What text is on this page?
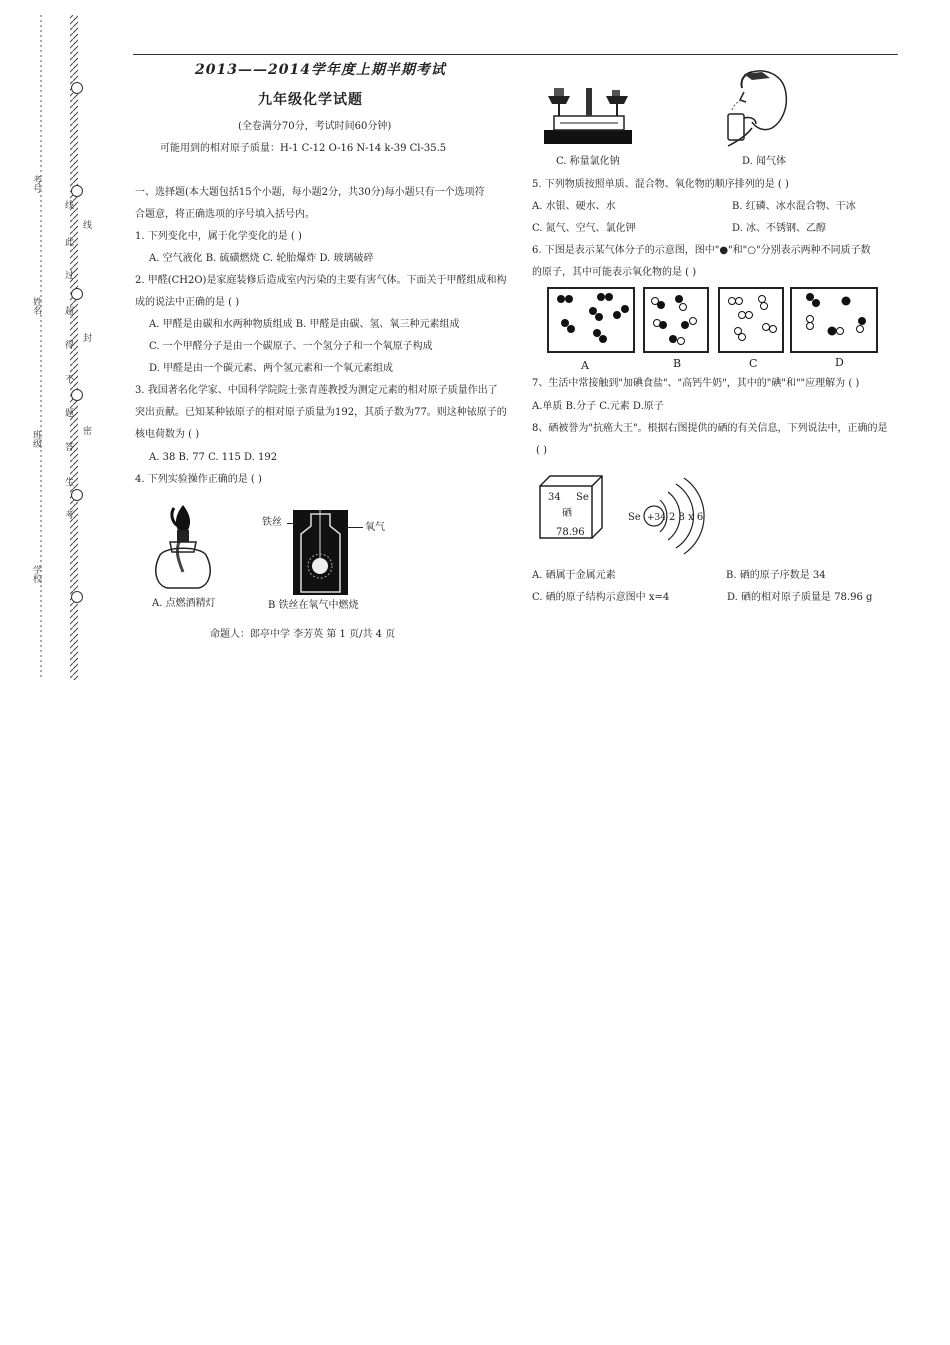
考号
姓名
班级
学校
线
此
过
超
得
不
题
答
生
考
线
封
密
2013——2014学年度上期半期考试
九年级化学试题
(全卷满分70分，考试时间60分钟)
可能用到的相对原子质量：H-1 C-12 O-16 N-14 k-39 Cl-35.5
一、选择题(本大题包括15个小题，每小题2分，共30分)每小题只有一个选项符
合题意，将正确选项的序号填入括号内。
1. 下列变化中，属于化学变化的是 ( )
A. 空气液化 B. 硫磺燃烧 C. 轮胎爆炸 D. 玻璃破碎
2. 甲醛(CH2O)是家庭装修后造成室内污染的主要有害气体。下面关于甲醛组成和构
成的说法中正确的是 ( )
A. 甲醛是由碳和水两种物质组成 B. 甲醛是由碳、氢、氧三种元素组成
C. 一个甲醛分子是由一个碳原子、一个氢分子和一个氧原子构成
D. 甲醛是由一个碳元素、两个氢元素和一个氧元素组成
3. 我国著名化学家、中国科学院院士张青莲教授为测定元素的相对原子质量作出了
突出贡献。已知某种铱原子的相对原子质量为192，其质子数为77。则这种铱原子的
核电荷数为 ( )
A. 38 B. 77 C. 115 D. 192
4. 下列实验操作正确的是 ( )
A. 点燃酒精灯
铁丝	氧气
B 铁丝在氧气中燃烧
命题人：郎亭中学 李芳英 第 1 页/共 4 页
C. 称量氯化钠	D. 闻气体
5. 下列物质按照单质、混合物、氧化物的顺序排列的是 ( )
A. 水银、硬水、水	B. 红磷、冰水混合物、干冰
C. 氮气、空气、氯化钾	D. 冰、不锈钢、乙醇
6. 下图是表示某气体分子的示意图，图中"●"和"○"分别表示两种不同质子数
的原子，其中可能表示氧化物的是 ( )
A	B	C	D
7、生活中常接触到"加碘食盐"、"高钙牛奶"，其中的"碘"和""应理解为 ( )
A.单质 B.分子 C.元素 D.原子
8、硒被誉为"抗癌大王"。根据右图提供的硒的有关信息，下列说法中，正确的是
( )
34 Se
硒
78.96
Se +34 2 8 x 6
A. 硒属于金属元素	B. 硒的原子序数是 34
C. 硒的原子结构示意图中 x=4	D. 硒的相对原子质量是 78.96 g
